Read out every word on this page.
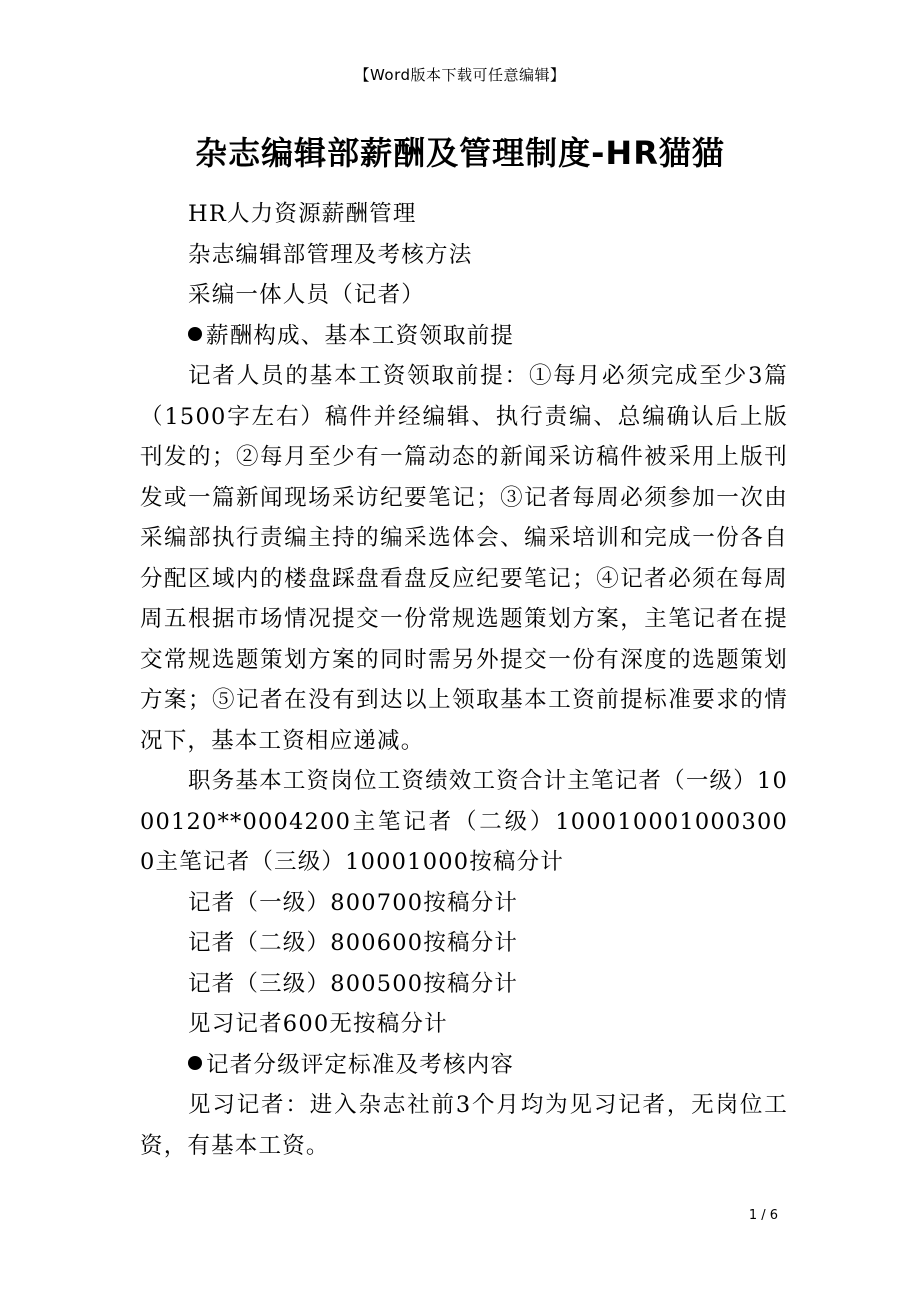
【Word版本下载可任意编辑】
杂志编辑部薪酬及管理制度-HR猫猫

HR人力资源薪酬管理

杂志编辑部管理及考核方法

采编一体人员（记者）

薪酬构成、基本工资领取前提

记者人员的基本工资领取前提：①每月必须完成至少3篇（1500字左右）稿件并经编辑、执行责编、总编确认后上版刊发的；②每月至少有一篇动态的新闻采访稿件被采用上版刊发或一篇新闻现场采访纪要笔记；③记者每周必须参加一次由采编部执行责编主持的编采选体会、编采培训和完成一份各自分配区域内的楼盘踩盘看盘反应纪要笔记；④记者必须在每周周五根据市场情况提交一份常规选题策划方案，主笔记者在提交常规选题策划方案的同时需另外提交一份有深度的选题策划方案；⑤记者在没有到达以上领取基本工资前提标准要求的情况下，基本工资相应递减。

职务基本工资岗位工资绩效工资合计主笔记者（一级）1000120**0004200主笔记者（二级）1000100010003000主笔记者（三级）10001000按稿分计

记者（一级）800700按稿分计

记者（二级）800600按稿分计

记者（三级）800500按稿分计

见习记者600无按稿分计

记者分级评定标准及考核内容

见习记者：进入杂志社前3个月均为见习记者，无岗位工资，有基本工资。

1 / 6
